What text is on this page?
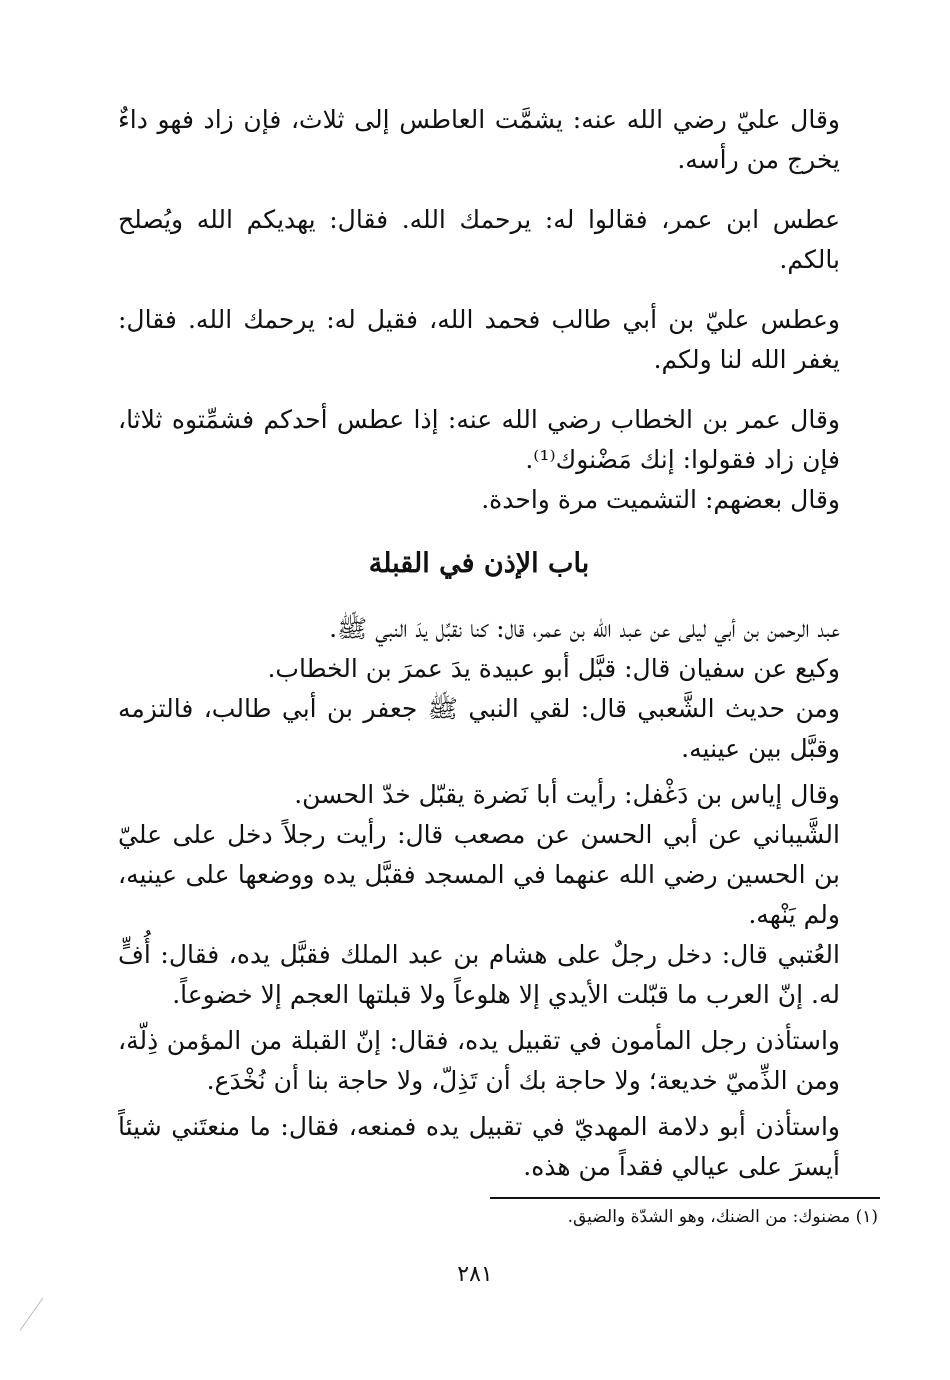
وقال عليّ رضي الله عنه: يشمَّت العاطس إلى ثلاث، فإن زاد فهو داءٌ يخرج من رأسه.

عطس ابن عمر، فقالوا له: يرحمك الله. فقال: يهديكم الله ويُصلح بالكم.

وعطس عليّ بن أبي طالب فحمد الله، فقيل له: يرحمك الله. فقال: يغفر الله لنا ولكم.

وقال عمر بن الخطاب رضي الله عنه: إذا عطس أحدكم فشمِّتوه ثلاثا، فإن زاد فقولوا: إنك مَضْنوك⁽¹⁾.

وقال بعضهم: التشميت مرة واحدة.

باب الإذن في القبلة

عبد الرحمن بن أبي ليلى عن عبد الله بن عمر، قال: كنا نقبِّل يدَ النبي ﷺ.

وكيع عن سفيان قال: قبَّل أبو عبيدة يدَ عمرَ بن الخطاب.

ومن حديث الشَّعبي قال: لقي النبي ﷺ جعفر بن أبي طالب، فالتزمه وقبَّل بين عينيه.

وقال إياس بن دَغْفل: رأيت أبا نَضرة يقبّل خدّ الحسن.

الشَّيباني عن أبي الحسن عن مصعب قال: رأيت رجلاً دخل على عليّ بن الحسين رضي الله عنهما في المسجد فقبَّل يده ووضعها على عينيه، ولم يَنْهه.

العُتبي قال: دخل رجلٌ على هشام بن عبد الملك فقبَّل يده، فقال: أُفٍّ له. إنّ العرب ما قبّلت الأيدي إلا هلوعاً ولا قبلتها العجم إلا خضوعاً.

واستأذن رجل المأمون في تقبيل يده، فقال: إنّ القبلة من المؤمن ذِلّة، ومن الذِّميّ خديعة؛ ولا حاجة بك أن تَذِلّ، ولا حاجة بنا أن نُخْدَع.

واستأذن أبو دلامة المهديّ في تقبيل يده فمنعه، فقال: ما منعتَني شيئاً أيسرَ على عيالي فقداً من هذه.

(١) مضنوك: من الضنك، وهو الشدّة والضيق.
٢٨١
